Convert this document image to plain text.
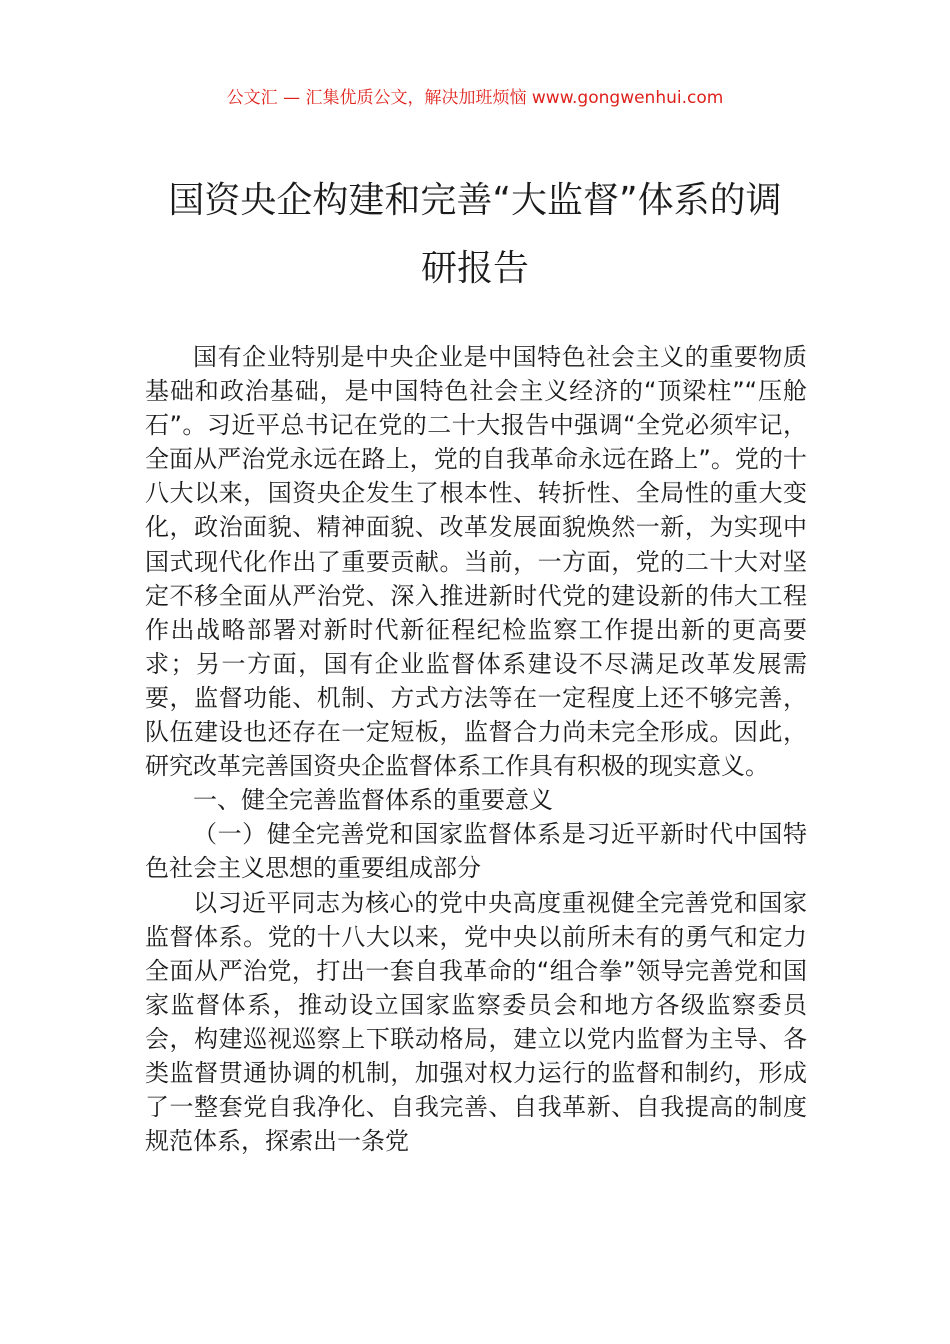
公文汇 — 汇集优质公文，解决加班烦恼 www.gongwenhui.com
国资央企构建和完善“大监督”体系的调
研报告

国有企业特别是中央企业是中国特色社会主义的重要物质基础和政治基础，是中国特色社会主义经济的“顶梁柱”“压舱石”。习近平总书记在党的二十大报告中强调“全党必须牢记，全面从严治党永远在路上，党的自我革命永远在路上”。党的十八大以来，国资央企发生了根本性、转折性、全局性的重大变化，政治面貌、精神面貌、改革发展面貌焕然一新，为实现中国式现代化作出了重要贡献。当前，一方面，党的二十大对坚定不移全面从严治党、深入推进新时代党的建设新的伟大工程作出战略部署对新时代新征程纪检监察工作提出新的更高要求；另一方面，国有企业监督体系建设不尽满足改革发展需要，监督功能、机制、方式方法等在一定程度上还不够完善，队伍建设也还存在一定短板，监督合力尚未完全形成。因此，研究改革完善国资央企监督体系工作具有积极的现实意义。

一、健全完善监督体系的重要意义

（一）健全完善党和国家监督体系是习近平新时代中国特色社会主义思想的重要组成部分

以习近平同志为核心的党中央高度重视健全完善党和国家监督体系。党的十八大以来，党中央以前所未有的勇气和定力全面从严治党，打出一套自我革命的“组合拳”领导完善党和国家监督体系，推动设立国家监察委员会和地方各级监察委员会，构建巡视巡察上下联动格局，建立以党内监督为主导、各类监督贯通协调的机制，加强对权力运行的监督和制约，形成了一整套党自我净化、自我完善、自我革新、自我提高的制度规范体系，探索出一条党
